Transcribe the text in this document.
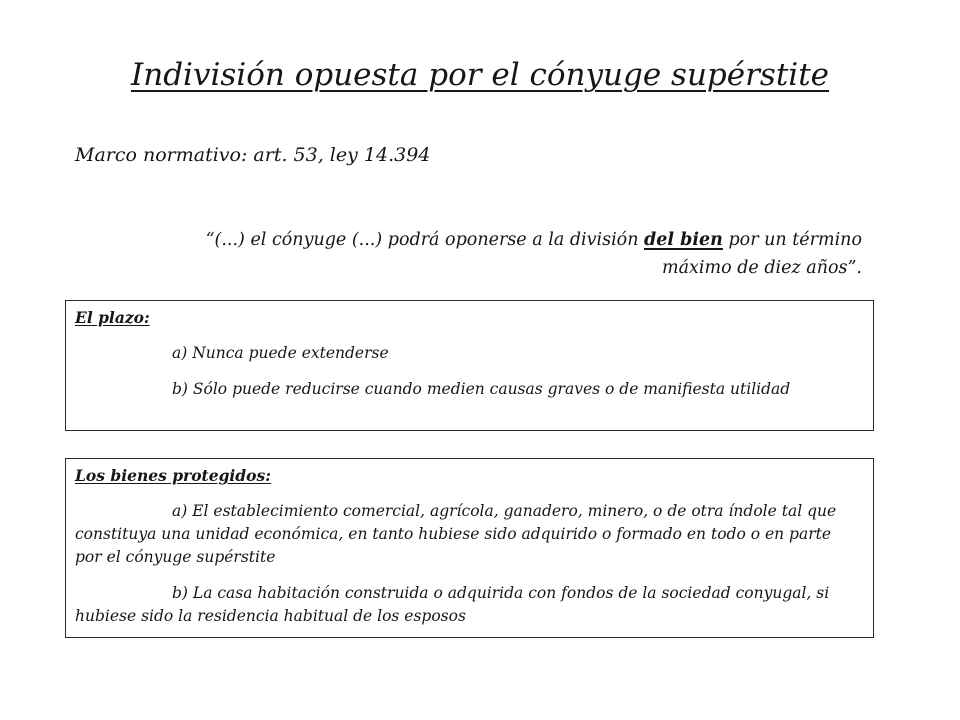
Indivisión opuesta por el cónyuge supérstite
Marco normativo: art. 53, ley 14.394
“(...) el cónyuge (...) podrá oponerse a la división del bien por un término
máximo de diez años”.
El plazo:

a) Nunca puede extenderse

b) Sólo puede reducirse cuando medien causas graves o de manifiesta utilidad

Los bienes protegidos:

a) El establecimiento comercial, agrícola, ganadero, minero, o de otra índole tal que constituya una unidad económica, en tanto hubiese sido adquirido o formado en todo o en parte por el cónyuge supérstite

b) La casa habitación construida o adquirida con fondos de la sociedad conyugal, si hubiese sido la residencia habitual de los esposos
